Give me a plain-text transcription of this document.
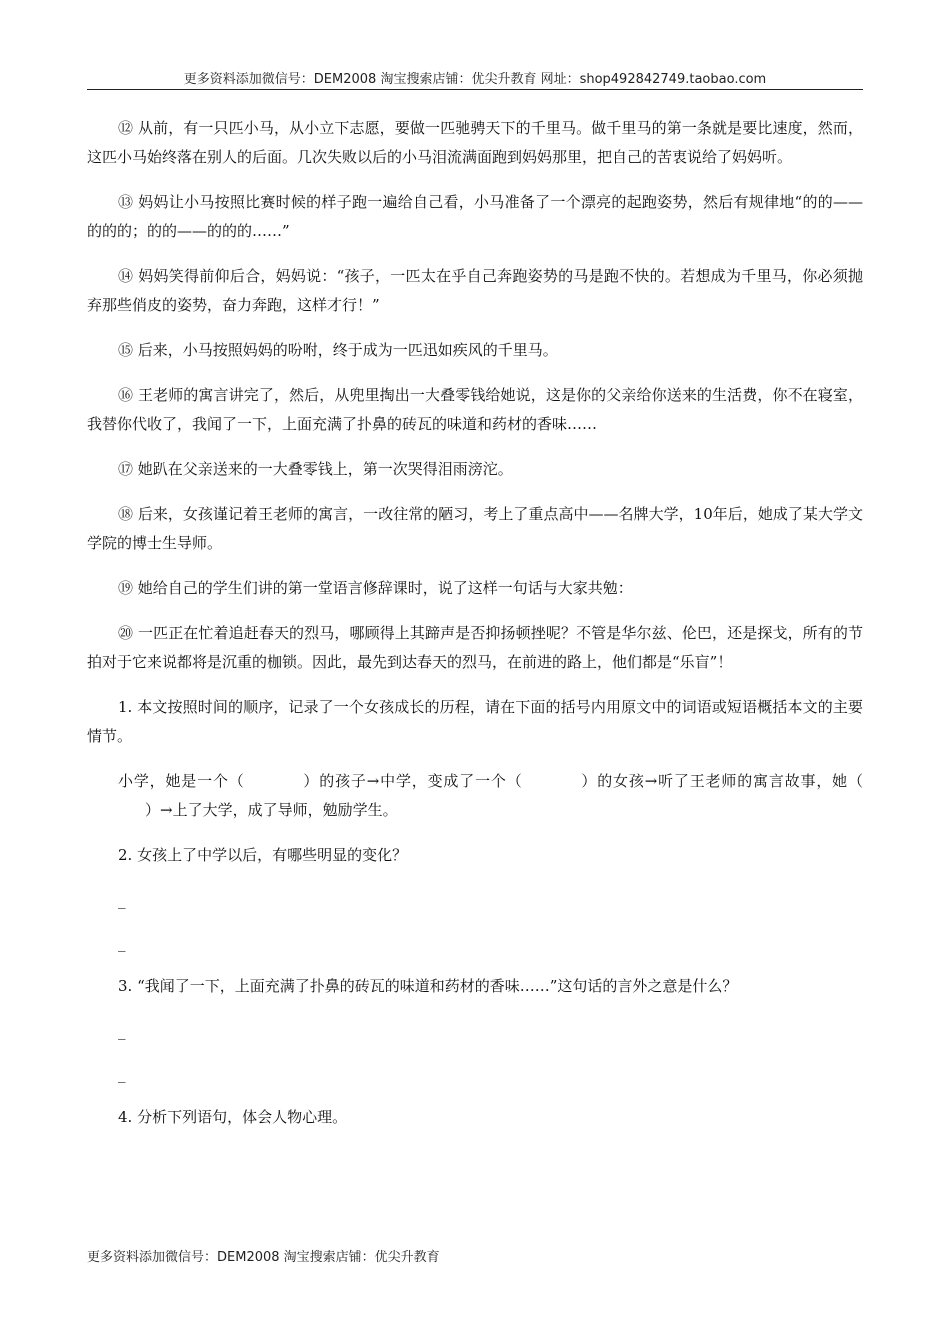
更多资料添加微信号：DEM2008 淘宝搜索店铺：优尖升教育 网址：shop492842749.taobao.com

⑫ 从前，有一只匹小马，从小立下志愿，要做一匹驰骋天下的千里马。做千里马的第一条就是要比速度，然而，这匹小马始终落在别人的后面。几次失败以后的小马泪流满面跑到妈妈那里，把自己的苦衷说给了妈妈听。

⑬ 妈妈让小马按照比赛时候的样子跑一遍给自己看，小马准备了一个漂亮的起跑姿势，然后有规律地“的的——的的的；的的——的的的……”

⑭ 妈妈笑得前仰后合，妈妈说：“孩子，一匹太在乎自己奔跑姿势的马是跑不快的。若想成为千里马，你必须抛弃那些俏皮的姿势，奋力奔跑，这样才行！”

⑮ 后来，小马按照妈妈的吩咐，终于成为一匹迅如疾风的千里马。

⑯ 王老师的寓言讲完了，然后，从兜里掏出一大叠零钱给她说，这是你的父亲给你送来的生活费，你不在寝室，我替你代收了，我闻了一下，上面充满了扑鼻的砖瓦的味道和药材的香味……

⑰ 她趴在父亲送来的一大叠零钱上，第一次哭得泪雨滂沱。

⑱ 后来，女孩谨记着王老师的寓言，一改往常的陋习，考上了重点高中——名牌大学，10年后，她成了某大学文学院的博士生导师。

⑲ 她给自己的学生们讲的第一堂语言修辞课时，说了这样一句话与大家共勉：

⑳ 一匹正在忙着追赶春天的烈马，哪顾得上其蹄声是否抑扬顿挫呢？不管是华尔兹、伦巴，还是探戈，所有的节拍对于它来说都将是沉重的枷锁。因此，最先到达春天的烈马，在前进的路上，他们都是“乐盲”！

1. 本文按照时间的顺序，记录了一个女孩成长的历程，请在下面的括号内用原文中的词语或短语概括本文的主要情节。

小学，她是一个（	）的孩子→中学，变成了一个（	）的女孩→听了王老师的寓言故事，她（）→上了大学，成了导师，勉励学生。

2. 女孩上了中学以后，有哪些明显的变化？

_
_

3. “我闻了一下，上面充满了扑鼻的砖瓦的味道和药材的香味……”这句话的言外之意是什么？

_
_

4. 分析下列语句，体会人物心理。

更多资料添加微信号：DEM2008 淘宝搜索店铺：优尖升教育
